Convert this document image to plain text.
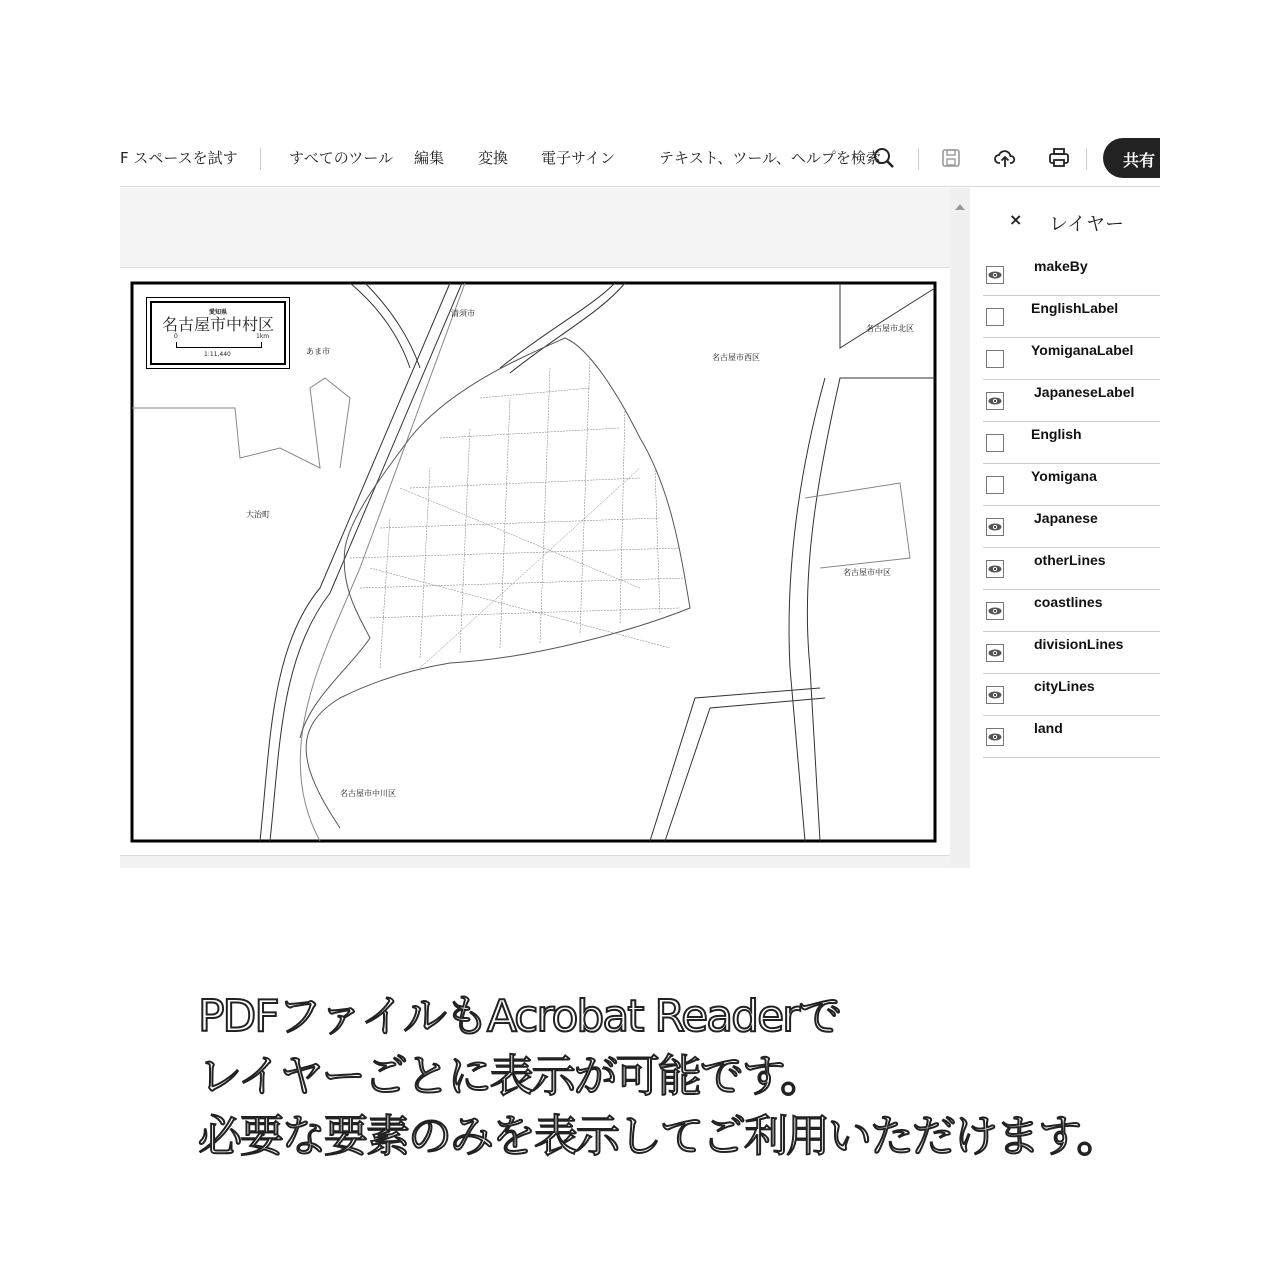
F スペースを試す	すべてのツール 編集 変換 電子サイン	テキスト、ツール、ヘルプを検索	共有
愛知県
名古屋市中村区
0	1km
1:11,440
清須市
あま市
名古屋市西区
名古屋市北区
大治町
名古屋市中区
名古屋市中川区
× レイヤー
makeBy
EnglishLabel
YomiganaLabel
JapaneseLabel
English
Yomigana
Japanese
otherLines
coastlines
divisionLines
cityLines
land
PDFファイルもAcrobat Readerで
レイヤーごとに表示が可能です。
必要な要素のみを表示してご利用いただけます。
